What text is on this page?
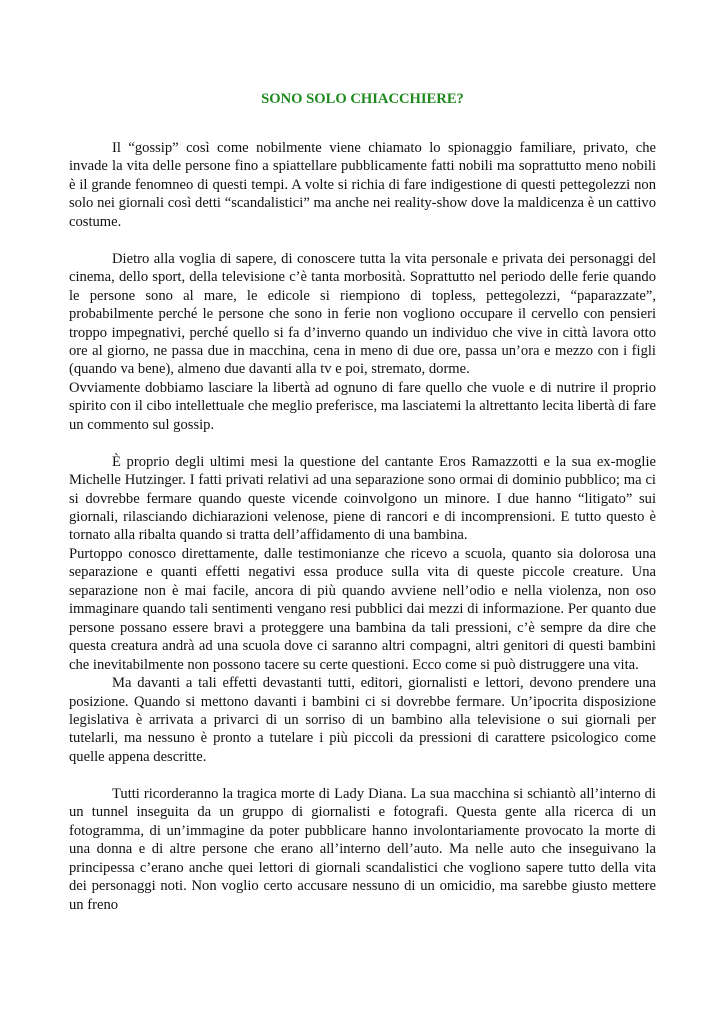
SONO SOLO CHIACCHIERE?

Il “gossip” così come nobilmente viene chiamato lo spionaggio familiare, privato, che invade la vita delle persone fino a spiattellare pubblicamente fatti nobili ma soprattutto meno nobili è il grande fenomneo di questi tempi. A volte si richia di fare indigestione di questi pettegolezzi non solo nei giornali così detti “scandalistici” ma anche nei reality-show dove la maldicenza è un cattivo costume.

Dietro alla voglia di sapere, di conoscere tutta la vita personale e privata dei personaggi del cinema, dello sport, della televisione c’è tanta morbosità. Soprattutto nel periodo delle ferie quando le persone sono al mare, le edicole si riempiono di topless, pettegolezzi, “paparazzate”, probabilmente perché le persone che sono in ferie non vogliono occupare il cervello con pensieri troppo impegnativi, perché quello si fa d’inverno quando un individuo che vive in città lavora otto ore al giorno, ne passa due in macchina, cena in meno di due ore, passa un’ora e mezzo con i figli (quando va bene), almeno due davanti alla tv e poi, stremato, dorme.

Ovviamente dobbiamo lasciare la libertà ad ognuno di fare quello che vuole e di nutrire il proprio spirito con il cibo intellettuale che meglio preferisce, ma lasciatemi la altrettanto lecita libertà di fare un commento sul gossip.

È proprio degli ultimi mesi la questione del cantante Eros Ramazzotti e la sua ex-moglie Michelle Hutzinger. I fatti privati relativi ad una separazione sono ormai di dominio pubblico; ma ci si dovrebbe fermare quando queste vicende coinvolgono un minore. I due hanno “litigato” sui giornali, rilasciando dichiarazioni velenose, piene di rancori e di incomprensioni. E tutto questo è tornato alla ribalta quando si tratta dell’affidamento di una bambina.

Purtoppo conosco direttamente, dalle testimonianze che ricevo a scuola, quanto sia dolorosa una separazione e quanti effetti negativi essa produce sulla vita di queste piccole creature. Una separazione non è mai facile, ancora di più quando avviene nell’odio e nella violenza, non oso immaginare quando tali sentimenti vengano resi pubblici dai mezzi di informazione. Per quanto due persone possano essere bravi a proteggere una bambina da tali pressioni, c’è sempre da dire che questa creatura andrà ad una scuola dove ci saranno altri compagni, altri genitori di questi bambini che inevitabilmente non possono tacere su certe questioni. Ecco come si può distruggere una vita.

Ma davanti a tali effetti devastanti tutti, editori, giornalisti e lettori, devono prendere una posizione. Quando si mettono davanti i bambini ci si dovrebbe fermare. Un’ipocrita disposizione legislativa è arrivata a privarci di un sorriso di un bambino alla televisione o sui giornali per tutelarli, ma nessuno è pronto a tutelare i più piccoli da pressioni di carattere psicologico come quelle appena descritte.

Tutti ricorderanno la tragica morte di Lady Diana. La sua macchina si schiantò all’interno di un tunnel inseguita da un gruppo di giornalisti e fotografi. Questa gente alla ricerca di un fotogramma, di un’immagine da poter pubblicare hanno involontariamente provocato la morte di una donna e di altre persone che erano all’interno dell’auto. Ma nelle auto che inseguivano la principessa c’erano anche quei lettori di giornali scandalistici che vogliono sapere tutto della vita dei personaggi noti. Non voglio certo accusare nessuno di un omicidio, ma sarebbe giusto mettere un freno
